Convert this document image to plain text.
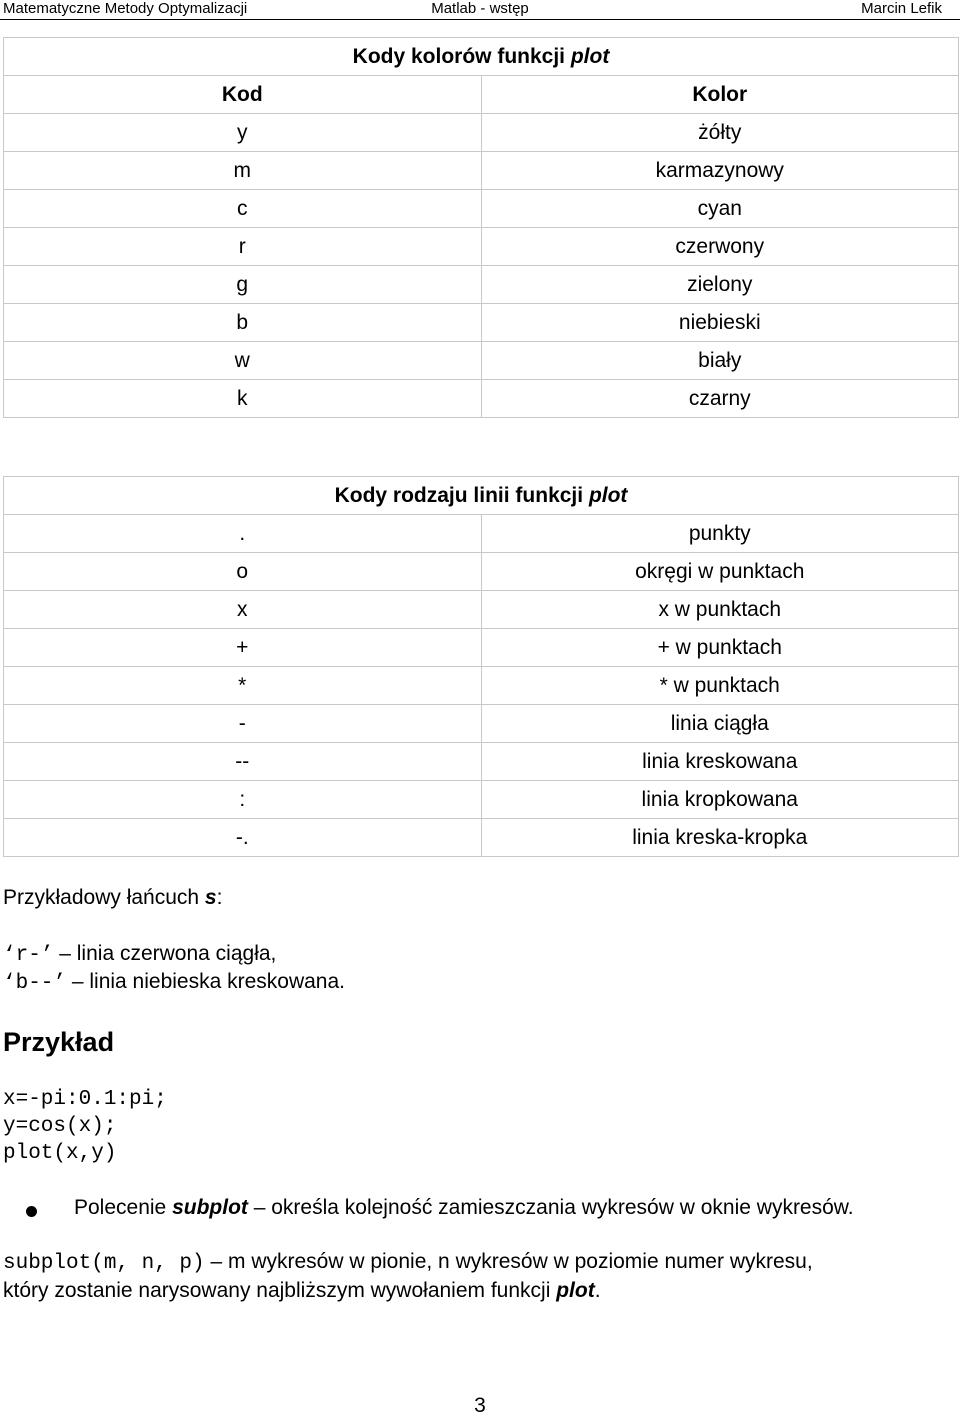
Matematyczne Metody Optymalizacji	Matlab - wstęp	Marcin Lefik
Kody kolorów funkcji plot	
Kod	Kolor
y	żółty
m	karmazynowy
c	cyan
r	czerwony
g	zielony
b	niebieski
w	biały
k	czarny
Kody rodzaju linii funkcji plot	
.	punkty
o	okręgi w punktach
x	x w punktach
+	+ w punktach
*	* w punktach
-	linia ciągła
--	linia kreskowana
:	linia kropkowana
-.	linia kreska-kropka
Przykładowy łańcuch s:
‘r-’ – linia czerwona ciągła,
‘b--’ – linia niebieska kreskowana.
Przykład
x=-pi:0.1:pi;
y=cos(x);
plot(x,y)
Polecenie subplot – określa kolejność zamieszczania wykresów w oknie wykresów.
subplot(m, n, p) – m wykresów w pionie, n wykresów w poziomie numer wykresu,
który zostanie narysowany najbliższym wywołaniem funkcji plot.
3
